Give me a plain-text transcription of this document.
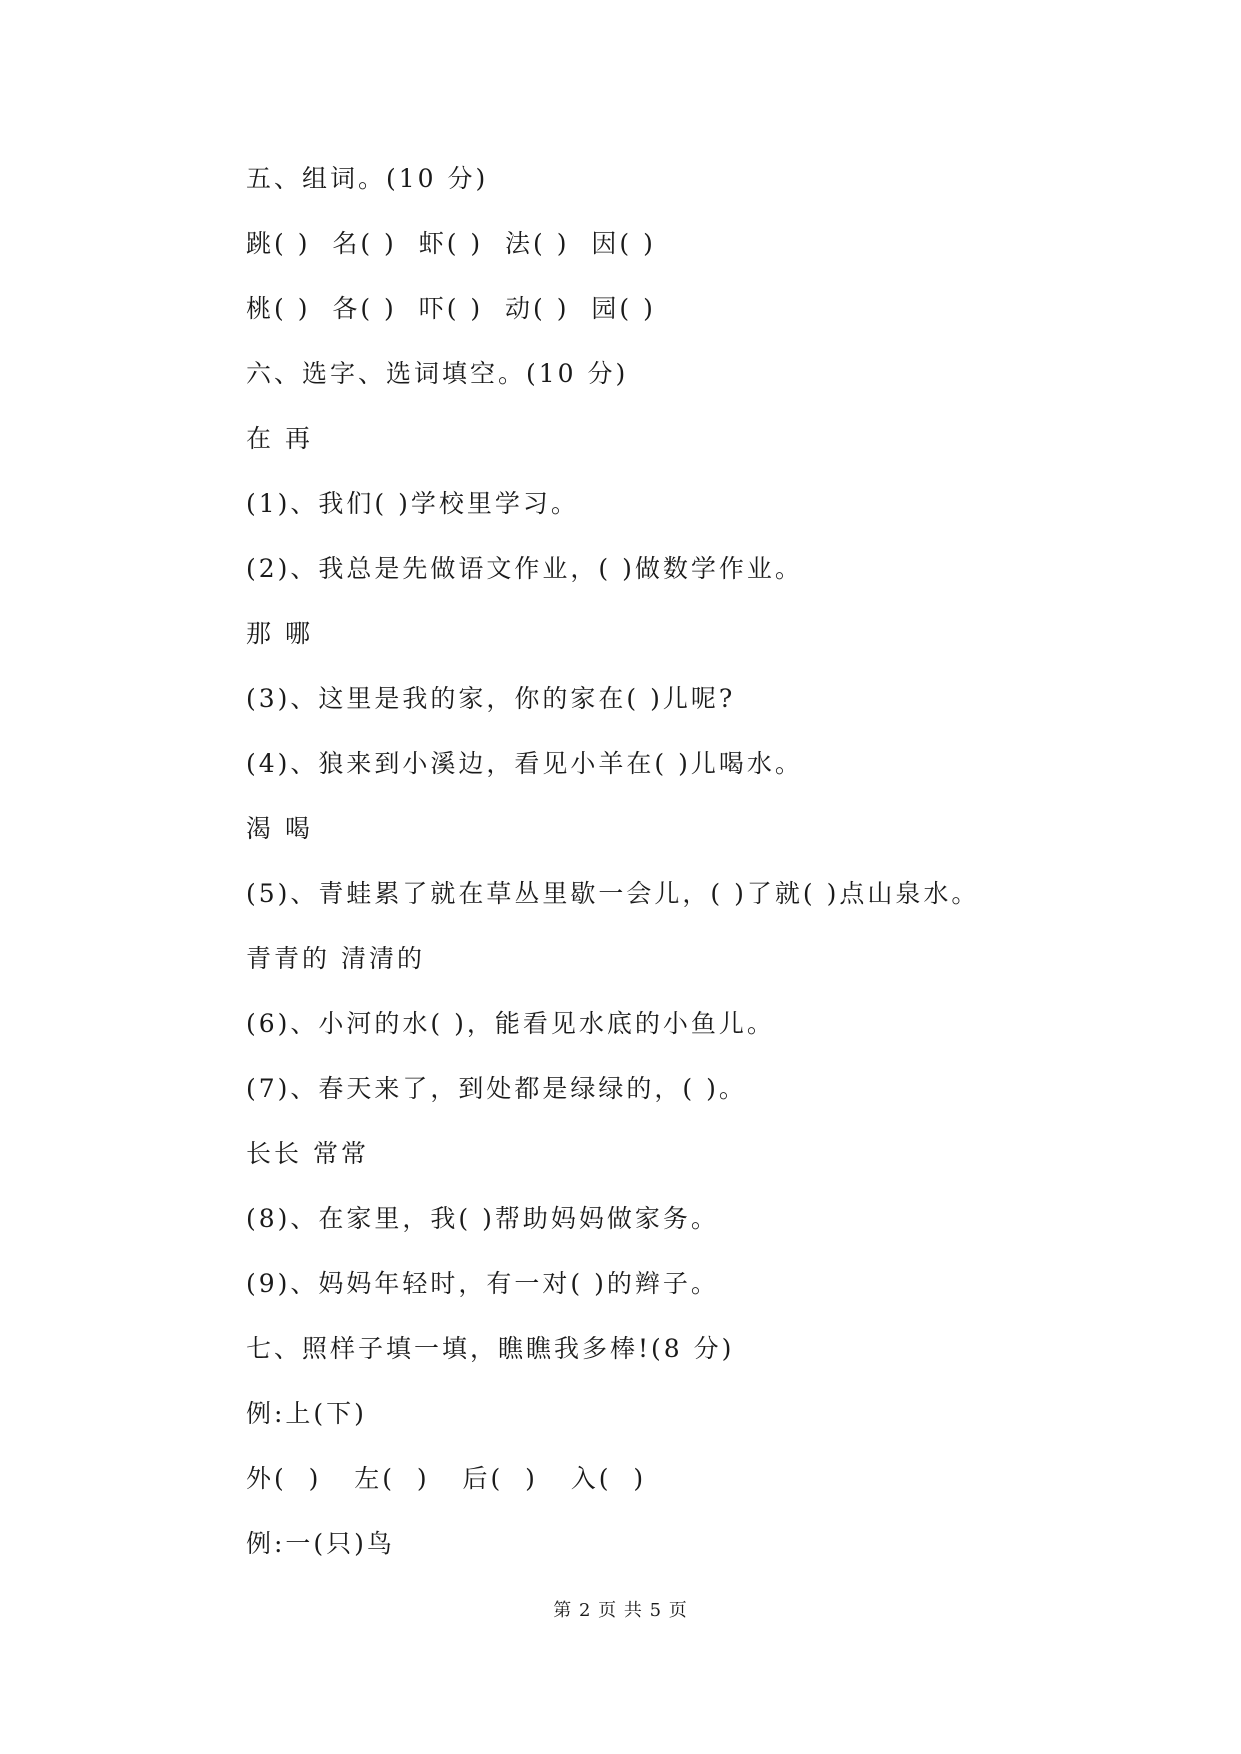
五、组词。(10 分)
跳( )  名( )  虾( )  法( )  因( )
桃( )  各( )  吓( )  动( )  园( )
六、选字、选词填空。(10 分)
在 再
(1)、我们( )学校里学习。
(2)、我总是先做语文作业，( )做数学作业。
那 哪
(3)、这里是我的家，你的家在( )儿呢?
(4)、狼来到小溪边，看见小羊在( )儿喝水。
渴 喝
(5)、青蛙累了就在草丛里歇一会儿，( )了就( )点山泉水。
青青的 清清的
(6)、小河的水( )，能看见水底的小鱼儿。
(7)、春天来了，到处都是绿绿的，( )。
长长 常常
(8)、在家里，我( )帮助妈妈做家务。
(9)、妈妈年轻时，有一对( )的辫子。
七、照样子填一填，瞧瞧我多棒!(8 分)
例:上(下)
外(  )   左(  )   后(  )   入(  )
例:一(只)鸟
第 2 页 共 5 页
